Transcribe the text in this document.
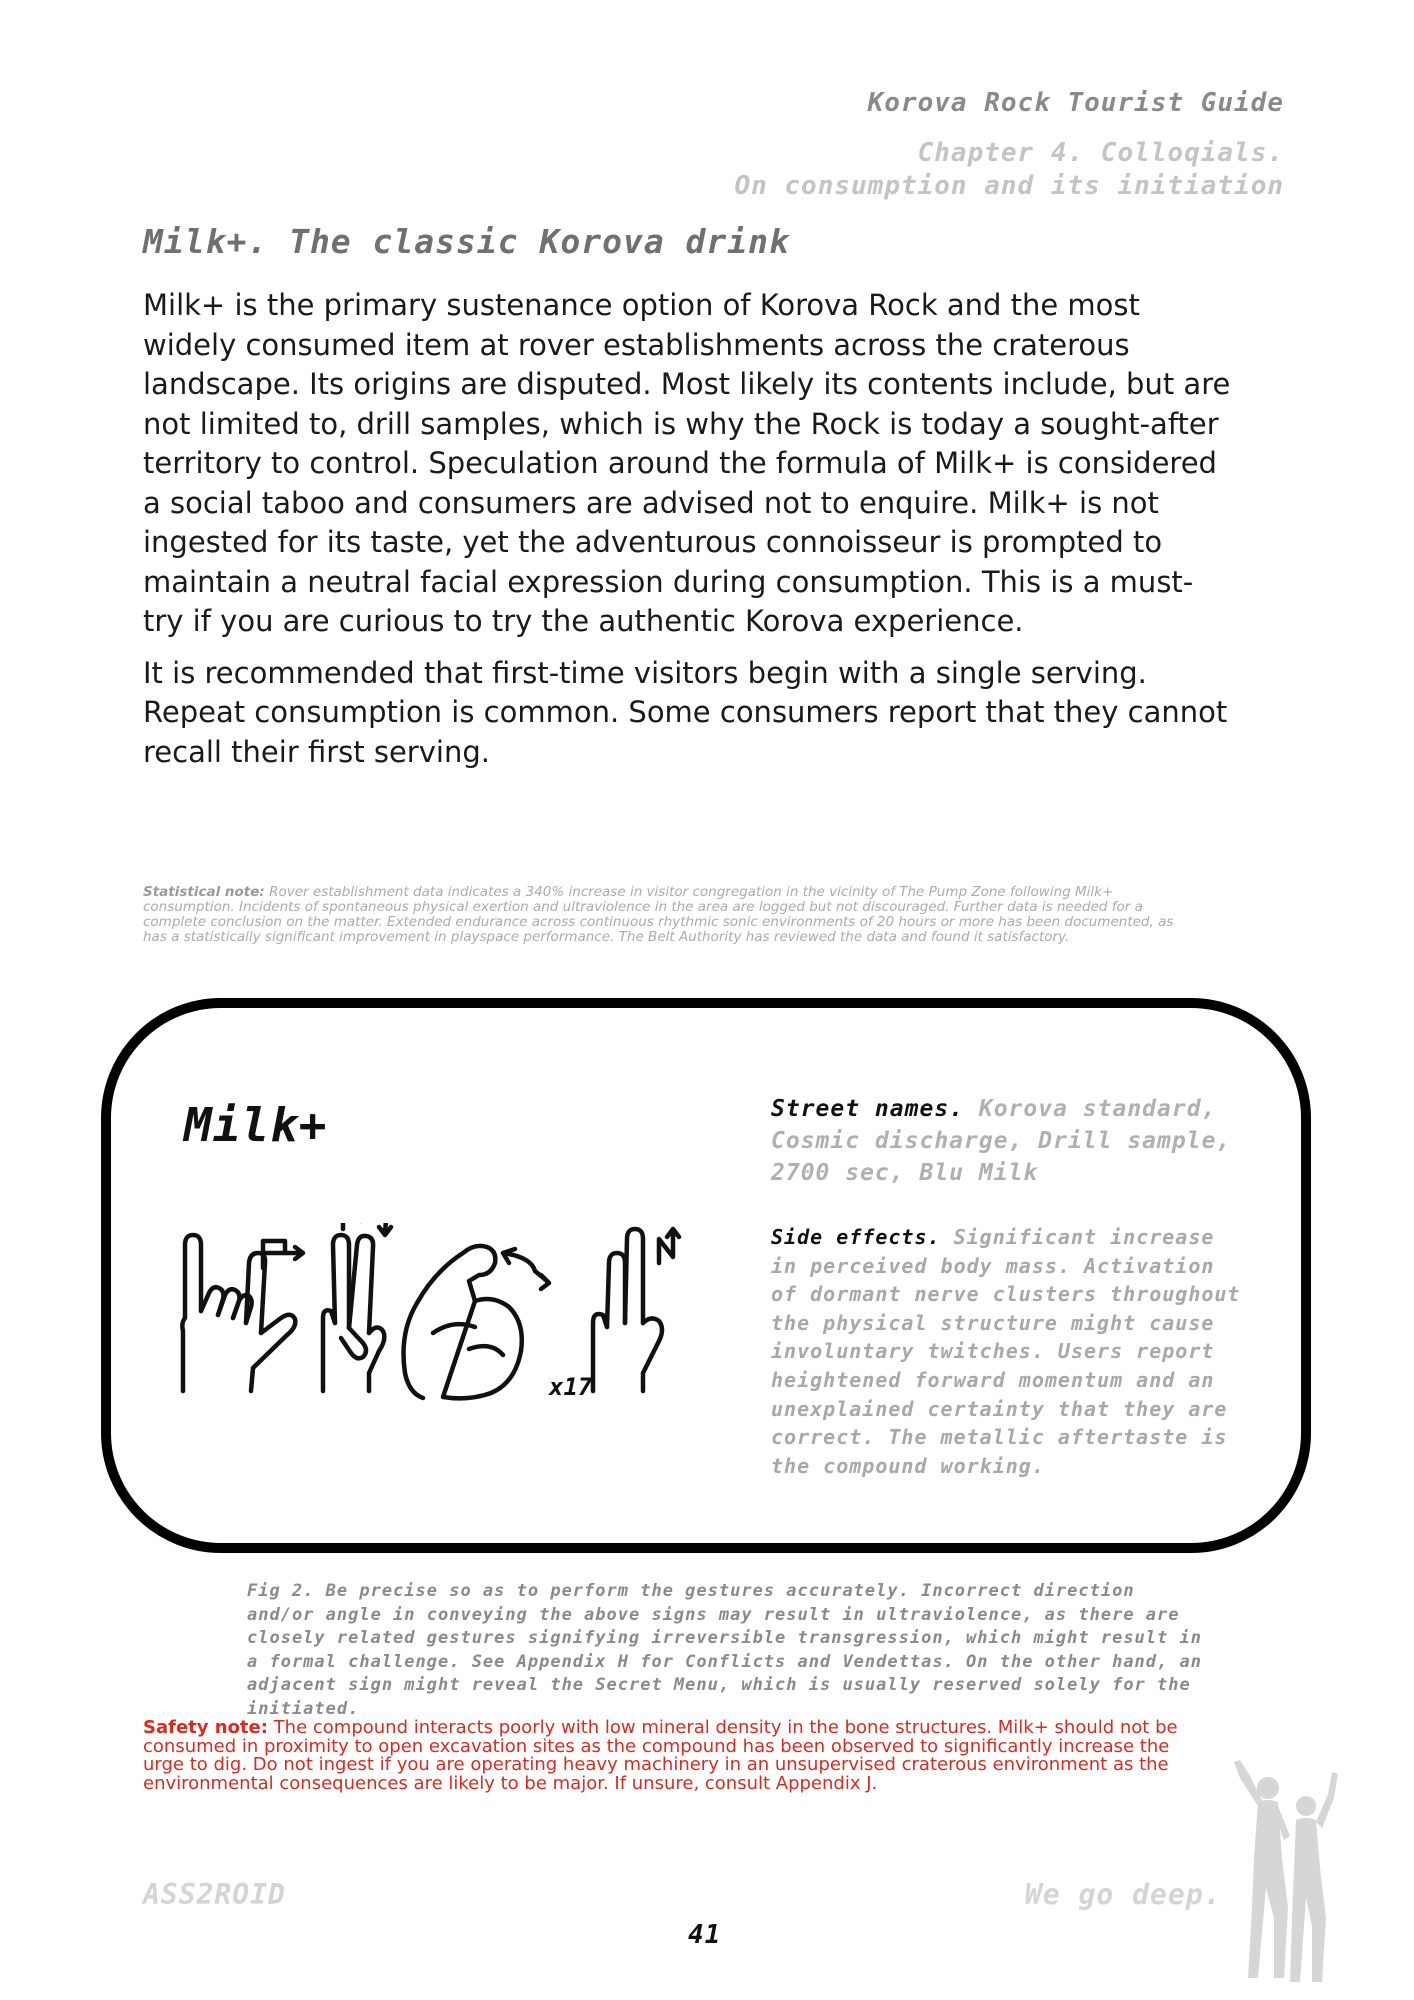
Korova Rock Tourist Guide
Chapter 4. Colloqials.
On consumption and its initiation
Milk+. The classic Korova drink

Milk+ is the primary sustenance option of Korova Rock and the most widely consumed item at rover establishments across the craterous landscape. Its origins are disputed. Most likely its contents include, but are not limited to, drill samples, which is why the Rock is today a sought-after territory to control. Speculation around the formula of Milk+ is considered a social taboo and consumers are advised not to enquire. Milk+ is not ingested for its taste, yet the adventurous connoisseur is prompted to maintain a neutral facial expression during consumption. This is a must-try if you are curious to try the authentic Korova experience.

It is recommended that first-time visitors begin with a single serving. Repeat consumption is common. Some consumers report that they cannot recall their first serving.

Statistical note: Rover establishment data indicates a 340% increase in visitor congregation in the vicinity of The Pump Zone following Milk+ consumption. Incidents of spontaneous physical exertion and ultraviolence in the area are logged but not discouraged. Further data is needed for a complete conclusion on the matter. Extended endurance across continuous rhythmic sonic environments of 20 hours or more has been documented, as has a statistically significant improvement in playspace performance. The Belt Authority has reviewed the data and found it satisfactory.
Milk+
x17
Street names. Korova standard, Cosmic discharge, Drill sample, 2700 sec, Blu Milk
Side effects. Significant increase in perceived body mass. Activation of dormant nerve clusters throughout the physical structure might cause involuntary twitches. Users report heightened forward momentum and an unexplained certainty that they are correct. The metallic aftertaste is the compound working.
Fig 2. Be precise so as to perform the gestures accurately. Incorrect direction and/or angle in conveying the above signs may result in ultraviolence, as there are closely related gestures signifying irreversible transgression, which might result in a formal challenge. See Appendix H for Conflicts and Vendettas. On the other hand, an adjacent sign might reveal the Secret Menu, which is usually reserved solely for the initiated.
Safety note: The compound interacts poorly with low mineral density in the bone structures. Milk+ should not be consumed in proximity to open excavation sites as the compound has been observed to significantly increase the urge to dig. Do not ingest if you are operating heavy machinery in an unsupervised craterous environment as the environmental consequences are likely to be major. If unsure, consult Appendix J.
ASS2ROID	We go deep.
41
